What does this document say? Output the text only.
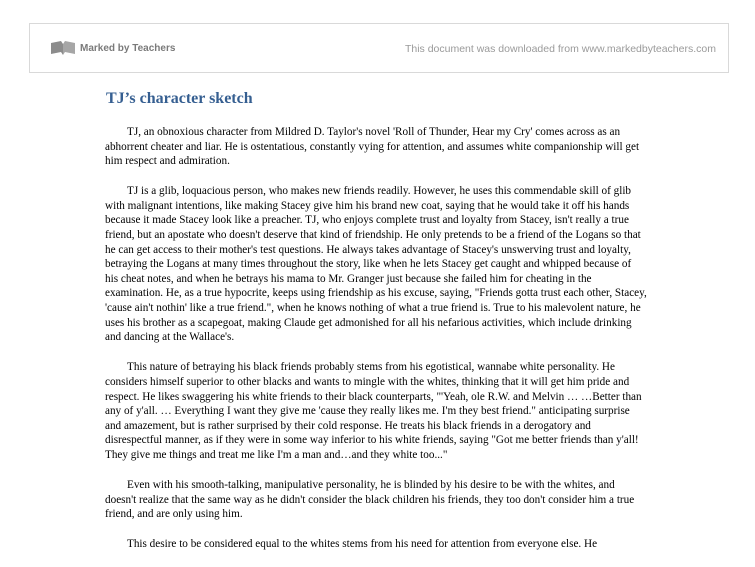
Marked by Teachers	This document was downloaded from www.markedbyteachers.com
TJ’s character sketch

TJ, an obnoxious character from Mildred D. Taylor's novel 'Roll of Thunder, Hear my Cry' comes across as an abhorrent cheater and liar. He is ostentatious, constantly vying for attention, and assumes white companionship will get him respect and admiration.

TJ is a glib, loquacious person, who makes new friends readily. However, he uses this commendable skill of glib with malignant intentions, like making Stacey give him his brand new coat, saying that he would take it off his hands because it made Stacey look like a preacher. TJ, who enjoys complete trust and loyalty from Stacey, isn't really a true friend, but an apostate who doesn't deserve that kind of friendship. He only pretends to be a friend of the Logans so that he can get access to their mother's test questions. He always takes advantage of Stacey's unswerving trust and loyalty, betraying the Logans at many times throughout the story, like when he lets Stacey get caught and whipped because of his cheat notes, and when he betrays his mama to Mr. Granger just because she failed him for cheating in the examination. He, as a true hypocrite, keeps using friendship as his excuse, saying, "Friends gotta trust each other, Stacey, 'cause ain't nothin' like a true friend.", when he knows nothing of what a true friend is. True to his malevolent nature, he uses his brother as a scapegoat, making Claude get admonished for all his nefarious activities, which include drinking and dancing at the Wallace's.

This nature of betraying his black friends probably stems from his egotistical, wannabe white personality. He considers himself superior to other blacks and wants to mingle with the whites, thinking that it will get him pride and respect. He likes swaggering his white friends to their black counterparts, "'Yeah, ole R.W. and Melvin … …Better than any of y'all. … Everything I want they give me 'cause they really likes me. I'm they best friend." anticipating surprise and amazement, but is rather surprised by their cold response. He treats his black friends in a derogatory and disrespectful manner, as if they were in some way inferior to his white friends, saying "Got me better friends than y'all! They give me things and treat me like I'm a man and…and they white too..."

Even with his smooth-talking, manipulative personality, he is blinded by his desire to be with the whites, and doesn't realize that the same way as he didn't consider the black children his friends, they too don't consider him a true friend, and are only using him.

This desire to be considered equal to the whites stems from his need for attention from everyone else. He
